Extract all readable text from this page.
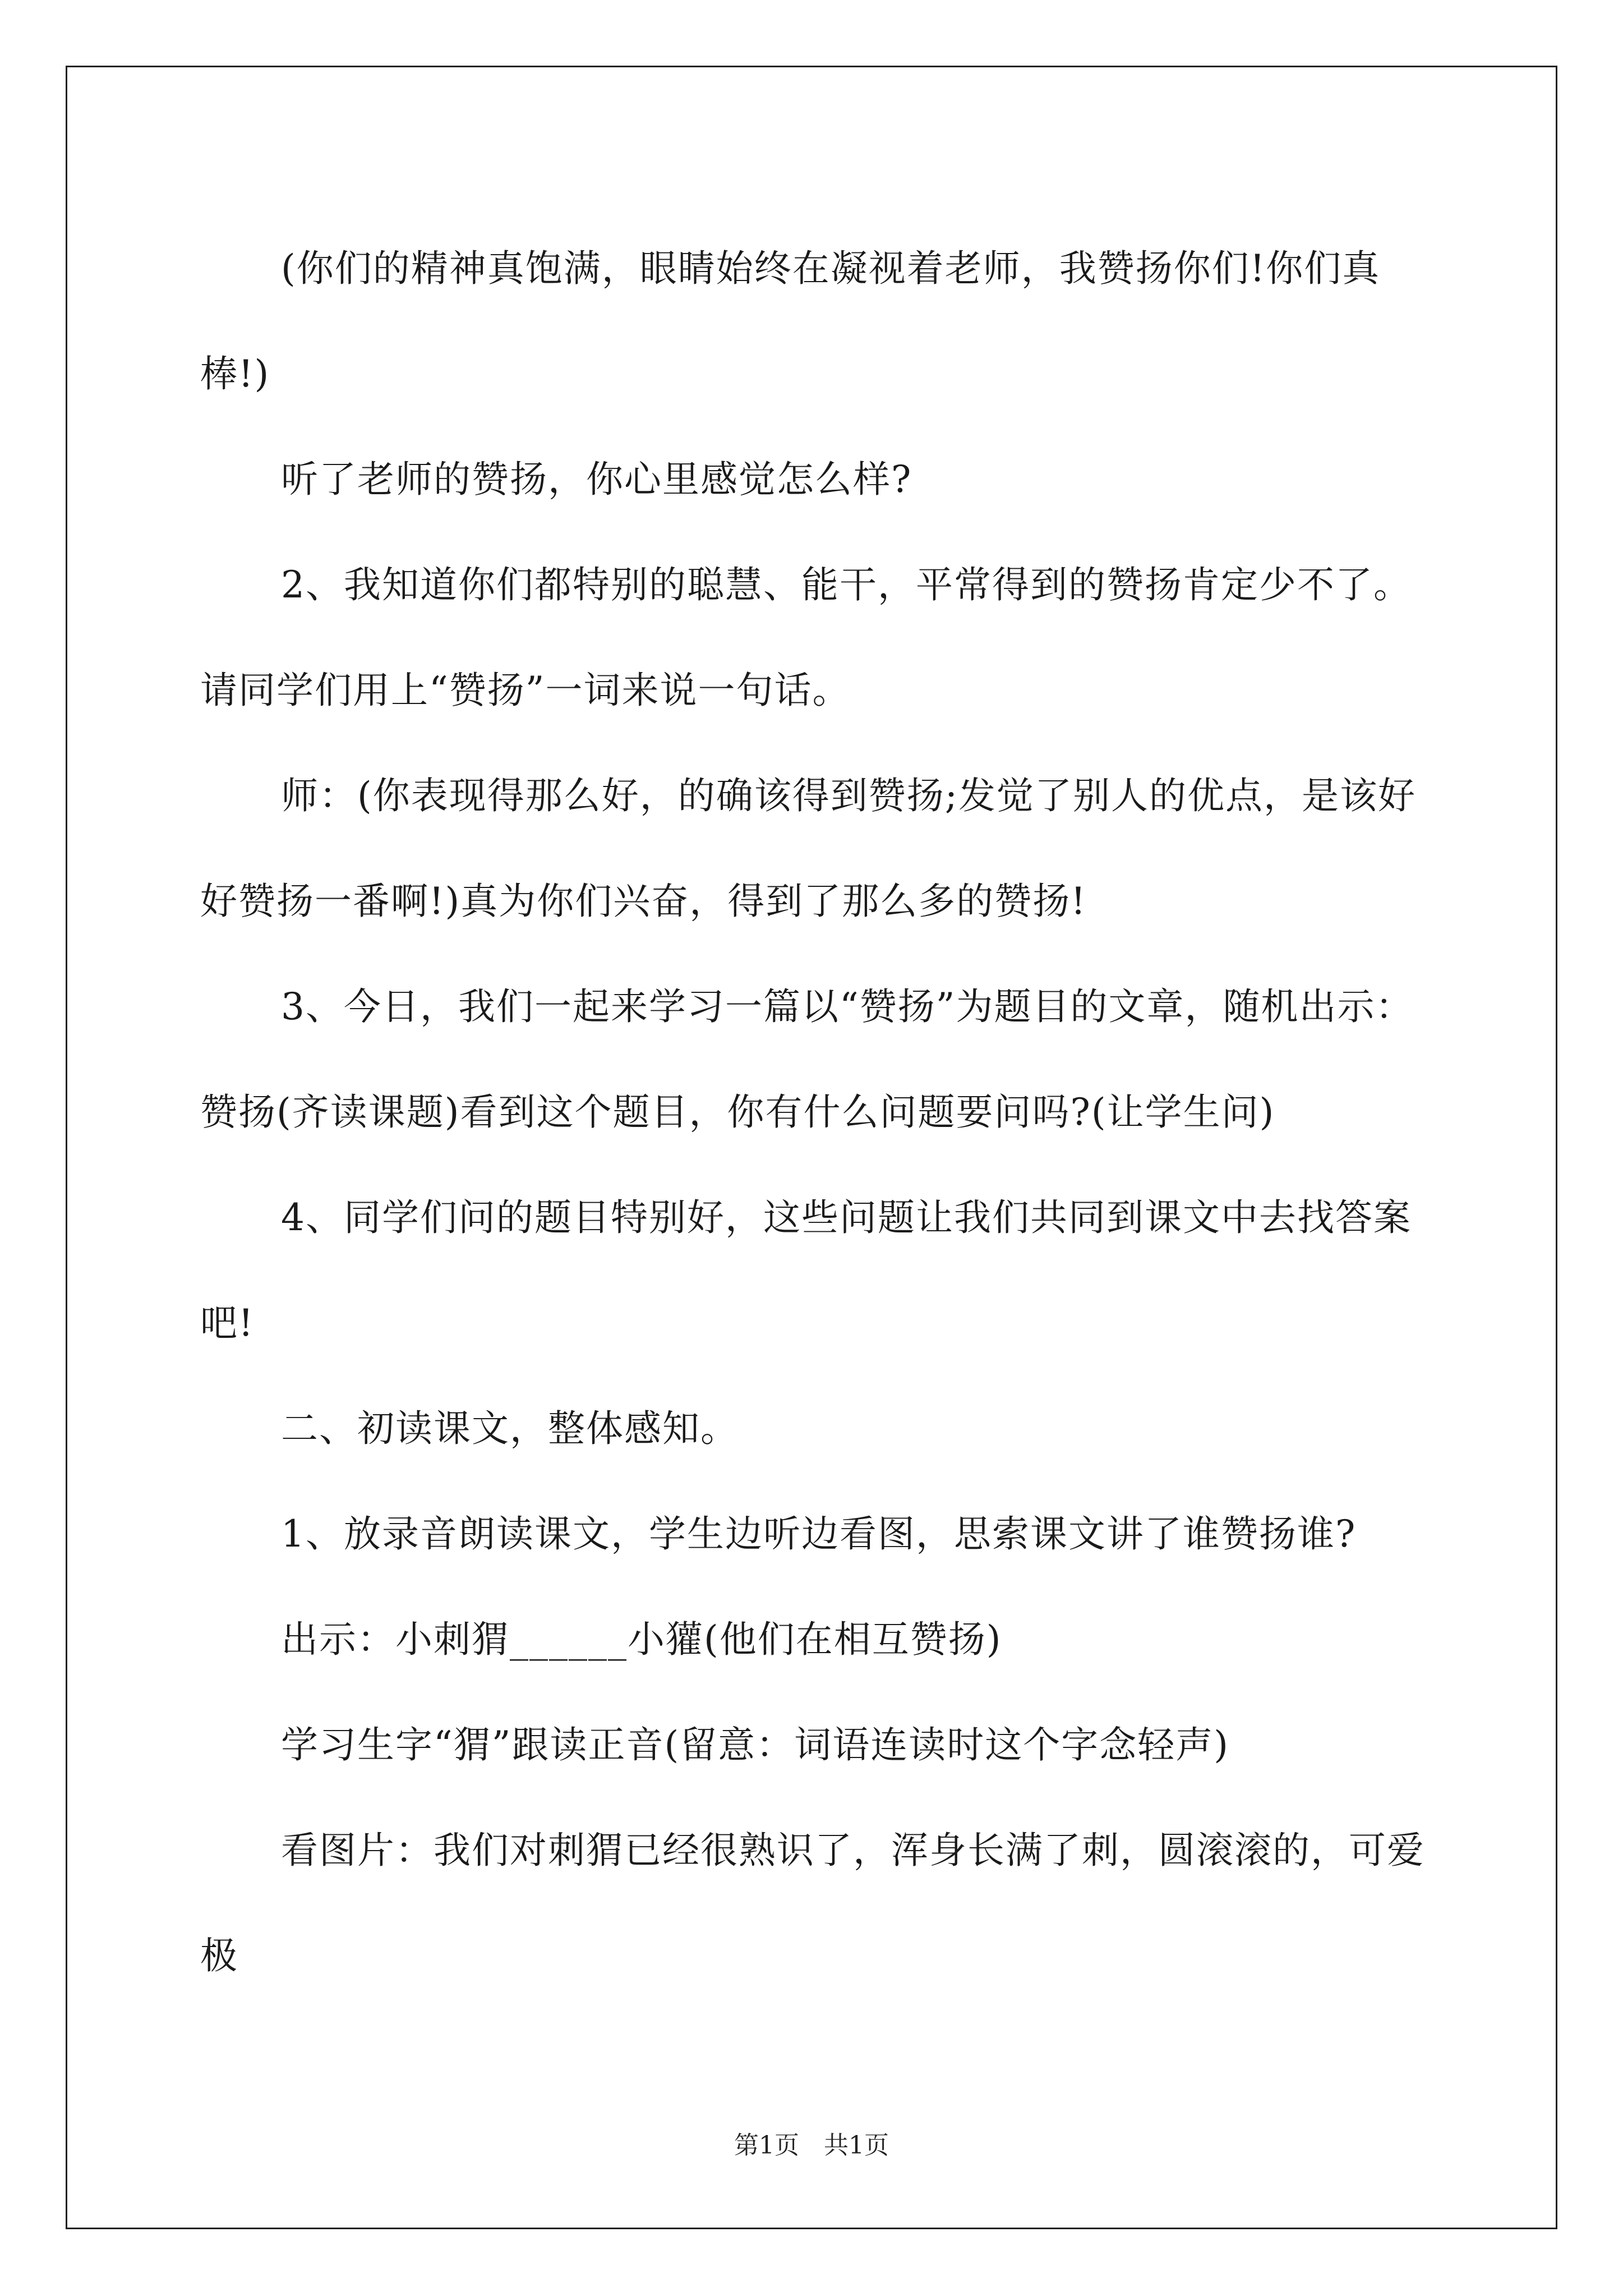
(你们的精神真饱满，眼睛始终在凝视着老师，我赞扬你们!你们真棒!)

听了老师的赞扬，你心里感觉怎么样?

2、我知道你们都特别的聪慧、能干，平常得到的赞扬肯定少不了。请同学们用上“赞扬”一词来说一句话。

师：(你表现得那么好，的确该得到赞扬;发觉了别人的优点，是该好好赞扬一番啊!)真为你们兴奋，得到了那么多的赞扬!

3、今日，我们一起来学习一篇以“赞扬”为题目的文章，随机出示：赞扬(齐读课题)看到这个题目，你有什么问题要问吗?(让学生问)

4、同学们问的题目特别好，这些问题让我们共同到课文中去找答案吧!

二、初读课文，整体感知。

1、放录音朗读课文，学生边听边看图，思索课文讲了谁赞扬谁?

出示：小刺猬______小獾(他们在相互赞扬)

学习生字“猬”跟读正音(留意：词语连读时这个字念轻声)

看图片：我们对刺猬已经很熟识了，浑身长满了刺，圆滚滚的，可爱极

第1页　共1页
